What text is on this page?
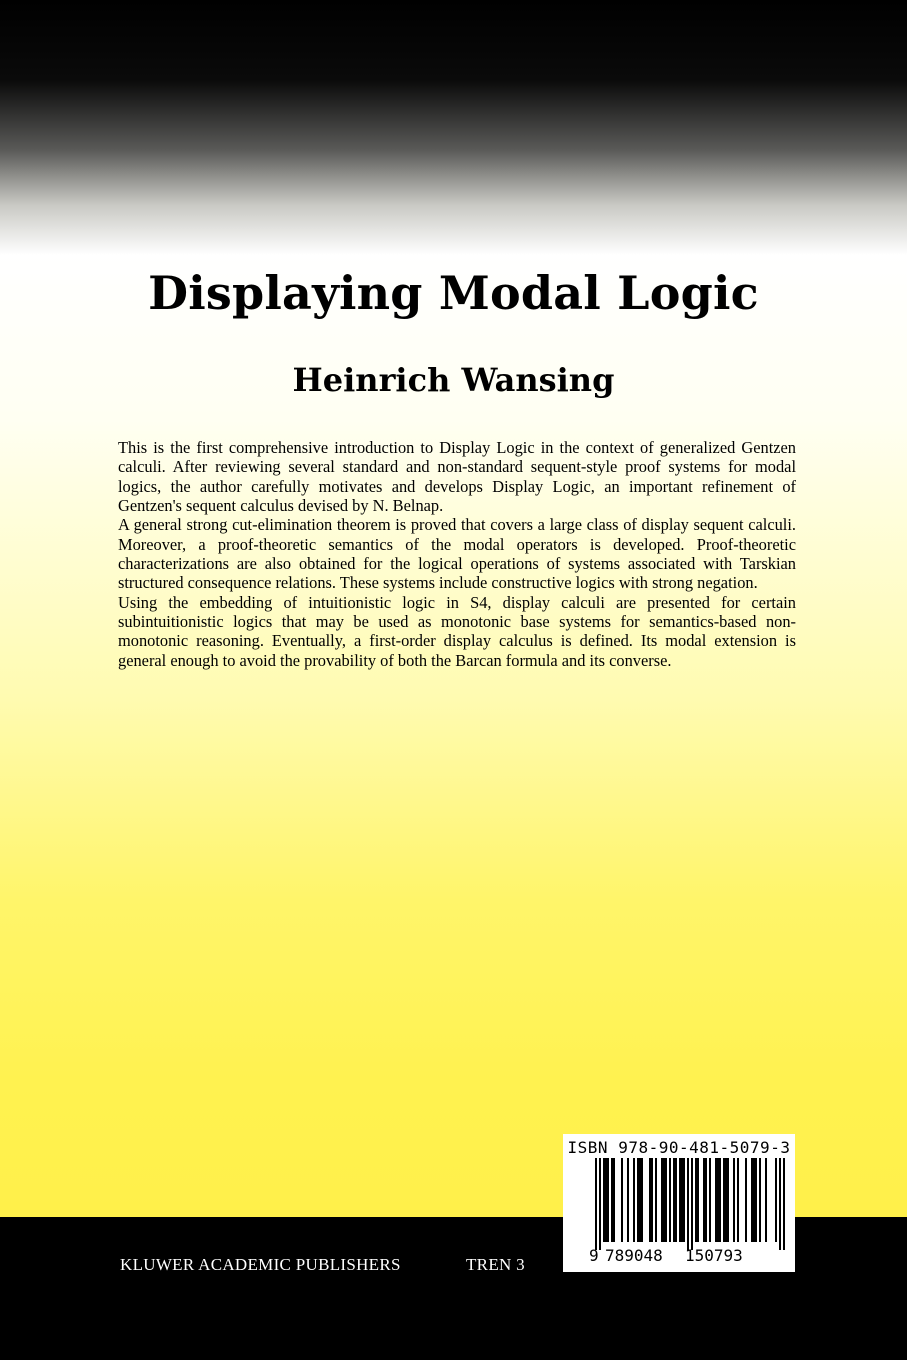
Displaying Modal Logic
Heinrich Wansing

This is the first comprehensive introduction to Display Logic in the context of generalized Gentzen calculi. After reviewing several standard and non-standard sequent-style proof systems for modal logics, the author carefully motivates and develops Display Logic, an important refinement of Gentzen's sequent calculus devised by N. Belnap.

A general strong cut-elimination theorem is proved that covers a large class of display sequent calculi. Moreover, a proof-theoretic semantics of the modal operators is developed. Proof-theoretic characterizations are also obtained for the logical operations of systems associated with Tarskian structured consequence relations. These systems include constructive logics with strong negation.

Using the embedding of intuitionistic logic in S4, display calculi are presented for certain subintuitionistic logics that may be used as monotonic base systems for semantics-based non-monotonic reasoning. Eventually, a first-order display calculus is defined. Its modal extension is general enough to avoid the provability of both the Barcan formula and its converse.

KLUWER ACADEMIC PUBLISHERS	TREN 3
ISBN 978-90-481-5079-3
9 789048 150793
